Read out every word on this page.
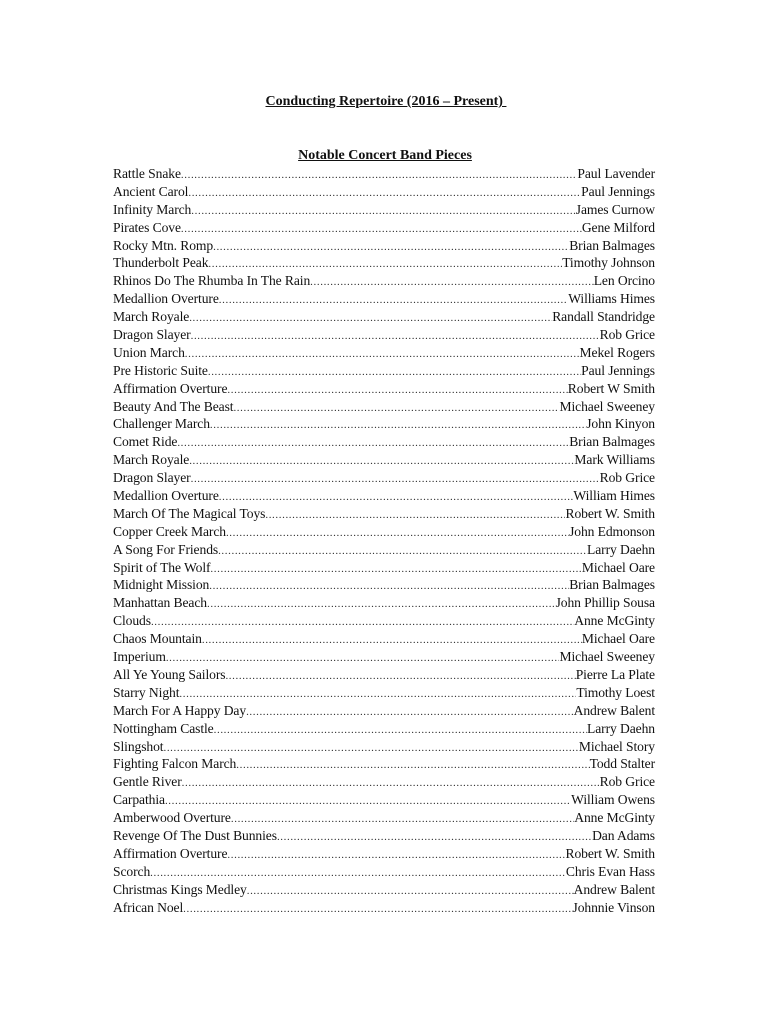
Conducting Repertoire (2016 – Present)
Notable Concert Band Pieces
Rattle Snake .....	Paul Lavender
Ancient Carol .....	Paul Jennings
Infinity March .....	James Curnow
Pirates Cove .....	Gene Milford
Rocky Mtn. Romp .....	Brian Balmages
Thunderbolt Peak .....	Timothy Johnson
Rhinos Do The Rhumba In The Rain .....	Len Orcino
Medallion Overture .....	Williams Himes
March Royale .....	Randall Standridge
Dragon Slayer .....	Rob Grice
Union March .....	Mekel Rogers
Pre Historic Suite .....	Paul Jennings
Affirmation Overture .....	Robert W Smith
Beauty And The Beast .....	Michael Sweeney
Challenger March .....	John Kinyon
Comet Ride .....	Brian Balmages
March Royale .....	Mark Williams
Dragon Slayer .....	Rob Grice
Medallion Overture .....	William Himes
March Of The Magical Toys .....	Robert W. Smith
Copper Creek March .....	John Edmonson
A Song For Friends .....	Larry Daehn
Spirit of The Wolf .....	Michael Oare
Midnight Mission .....	Brian Balmages
Manhattan Beach .....	John Phillip Sousa
Clouds .....	Anne McGinty
Chaos Mountain .....	Michael Oare
Imperium .....	Michael Sweeney
All Ye Young Sailors .....	Pierre La Plate
Starry Night .....	Timothy Loest
March For A Happy Day .....	Andrew Balent
Nottingham Castle .....	Larry Daehn
Slingshot .....	Michael Story
Fighting Falcon March .....	Todd Stalter
Gentle River .....	Rob Grice
Carpathia .....	William Owens
Amberwood Overture .....	Anne McGinty
Revenge Of The Dust Bunnies .....	Dan Adams
Affirmation Overture .....	Robert W. Smith
Scorch .....	Chris Evan Hass
Christmas Kings Medley .....	Andrew Balent
African Noel .....	Johnnie Vinson
